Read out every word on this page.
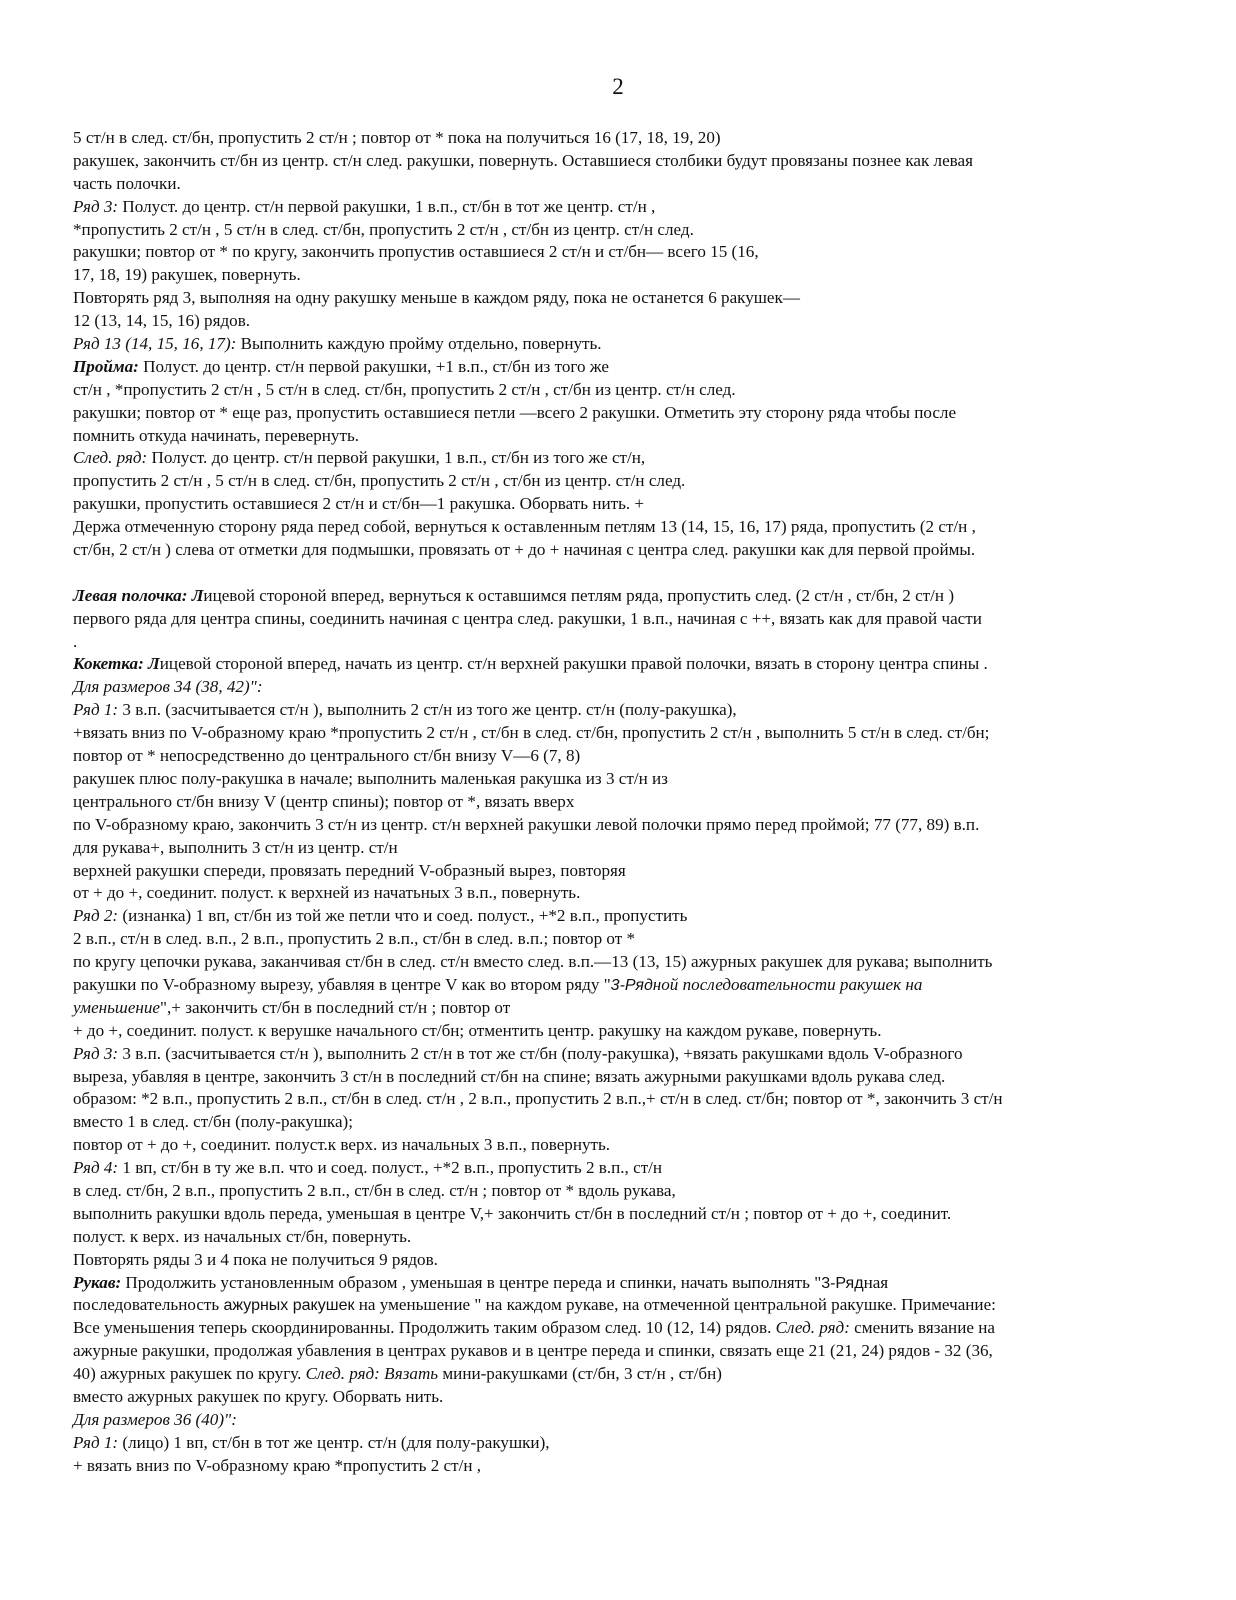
2
5 ст/н в след. ст/бн, пропустить 2 ст/н ; повтор от * пока на получиться 16 (17, 18, 19, 20)
ракушек, закончить ст/бн из центр. ст/н след. ракушки, повернуть. Оставшиеся столбики будут провязаны познее как левая
часть полочки.
Ряд 3: Полуст. до центр. ст/н первой ракушки, 1 в.п., ст/бн в тот же центр. ст/н ,
*пропустить 2 ст/н , 5 ст/н в след. ст/бн, пропустить 2 ст/н , ст/бн из центр. ст/н след.
ракушки; повтор от * по кругу, закончить пропустив оставшиеся 2 ст/н и ст/бн— всего 15 (16,
17, 18, 19) ракушек, повернуть.
Повторять ряд 3, выполняя на одну ракушку меньше в каждом ряду, пока не останется 6 ракушек—
12 (13, 14, 15, 16) рядов.
Ряд 13 (14, 15, 16, 17): Выполнить каждую пройму отдельно, повернуть.
Пройма: Полуст. до центр. ст/н первой ракушки, +1 в.п., ст/бн из того же
ст/н , *пропустить 2 ст/н , 5 ст/н в след. ст/бн, пропустить 2 ст/н , ст/бн из центр. ст/н след.
ракушки; повтор от * еще раз, пропустить оставшиеся петли —всего 2 ракушки. Отметить эту сторону ряда чтобы после
помнить откуда начинать, перевернуть.
След. ряд: Полуст. до центр. ст/н первой ракушки, 1 в.п., ст/бн из того же ст/н,
пропустить 2 ст/н , 5 ст/н в след. ст/бн, пропустить 2 ст/н , ст/бн из центр. ст/н след.
ракушки, пропустить оставшиеся 2 ст/н и ст/бн—1 ракушка. Оборвать нить. +
Держа отмеченную сторону ряда перед собой, вернуться к оставленным петлям 13 (14, 15, 16, 17) ряда, пропустить (2 ст/н ,
ст/бн, 2 ст/н ) слева от отметки для подмышки, провязать от + до + начиная с центра след. ракушки как для первой проймы.
Левая полочка: Лицевой стороной вперед, вернуться к оставшимся петлям ряда, пропустить след. (2 ст/н , ст/бн, 2 ст/н )
первого ряда для центра спины, соединить начиная с центра след. ракушки, 1 в.п., начиная с ++, вязать как для правой части
.
Кокетка: Лицевой стороной вперед, начать из центр. ст/н верхней ракушки правой полочки, вязать в сторону центра спины .
Для размеров 34 (38, 42)":
Ряд 1: 3 в.п. (засчитывается ст/н ), выполнить 2 ст/н из того же центр. ст/н (полу-ракушка),
+вязать вниз по V-образному краю *пропустить 2 ст/н , ст/бн в след. ст/бн, пропустить 2 ст/н , выполнить 5 ст/н в след. ст/бн;
повтор от * непосредственно до центрального ст/бн внизу V—6 (7, 8)
ракушек плюс полу-ракушка в начале; выполнить маленькая ракушка из 3 ст/н из
центрального ст/бн внизу V (центр спины); повтор от *, вязать вверх
по V-образному краю, закончить 3 ст/н из центр. ст/н верхней ракушки левой полочки прямо перед проймой; 77 (77, 89) в.п.
для рукава+, выполнить 3 ст/н из центр. ст/н
верхней ракушки спереди, провязать передний V-образный вырез, повторяя
от + до +, соединит. полуст. к верхней из начатьных 3 в.п., повернуть.
Ряд 2: (изнанка) 1 вп, ст/бн из той же петли что и соед. полуст., +*2 в.п., пропустить
2 в.п., ст/н в след. в.п., 2 в.п., пропустить 2 в.п., ст/бн в след. в.п.; повтор от *
по кругу цепочки рукава, заканчивая ст/бн в след. ст/н вместо след. в.п.—13 (13, 15) ажурных ракушек для рукава; выполнить
ракушки по V-образному вырезу, убавляя в центре V как во втором ряду "3-Рядной последовательности ракушек на
уменьшение",+ закончить ст/бн в последний ст/н ; повтор от
+ до +, соединит. полуст. к верушке начального ст/бн; отментить центр. ракушку на каждом рукаве, повернуть.
Ряд 3: 3 в.п. (засчитывается ст/н ), выполнить 2 ст/н в тот же ст/бн (полу-ракушка), +вязать ракушками вдоль V-образного
выреза, убавляя в центре, закончить 3 ст/н в последний ст/бн на спине; вязать ажурными ракушками вдоль рукава след.
образом: *2 в.п., пропустить 2 в.п., ст/бн в след. ст/н , 2 в.п., пропустить 2 в.п.,+ ст/н в след. ст/бн; повтор от *, закончить 3 ст/н
вместо 1 в след. ст/бн (полу-ракушка);
повтор от + до +, соединит. полуст.к верх. из начальных 3 в.п., повернуть.
Ряд 4: 1 вп, ст/бн в ту же в.п. что и соед. полуст., +*2 в.п., пропустить 2 в.п., ст/н
в след. ст/бн, 2 в.п., пропустить 2 в.п., ст/бн в след. ст/н ; повтор от * вдоль рукава,
выполнить ракушки вдоль переда, уменьшая в центре V,+ закончить ст/бн в последний ст/н ; повтор от + до +, соединит.
полуст. к верх. из начальных ст/бн, повернуть.
Повторять ряды 3 и 4 пока не получиться 9 рядов.
Рукав: Продолжить установленным образом , уменьшая в центре переда и спинки, начать выполнять "3-Рядная
последовательность ажурных ракушек на уменьшение " на каждом рукаве, на отмеченной центральной ракушке. Примечание:
Все уменьшения теперь скоординированны. Продолжить таким образом след. 10 (12, 14) рядов. След. ряд: сменить вязание на
ажурные ракушки, продолжая убавления в центрах рукавов и в центре переда и спинки, связать еще 21 (21, 24) рядов - 32 (36,
40) ажурных ракушек по кругу. След. ряд: Вязать мини-ракушками (ст/бн, 3 ст/н , ст/бн)
вместо ажурных ракушек по кругу. Оборвать нить.
Для размеров 36 (40)":
Ряд 1: (лицо) 1 вп, ст/бн в тот же центр. ст/н (для полу-ракушки),
+ вязать вниз по V-образному краю *пропустить 2 ст/н ,
